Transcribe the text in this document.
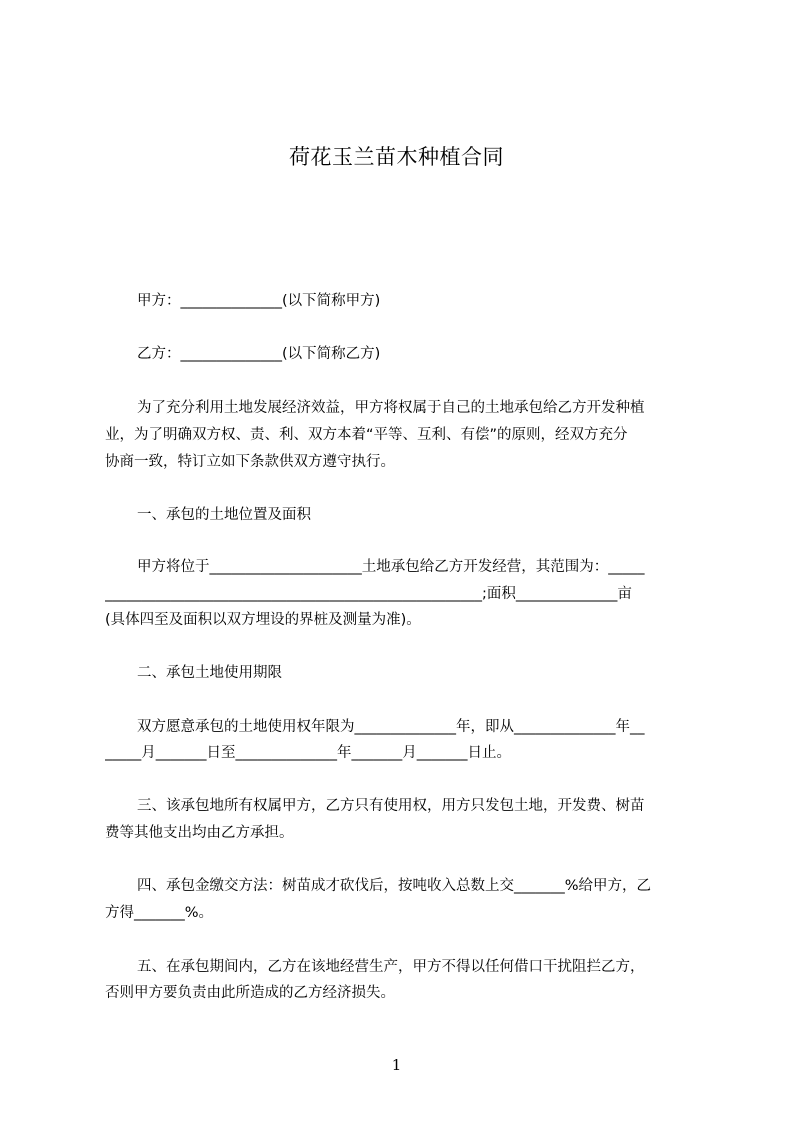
荷花玉兰苗木种植合同
甲方：______________(以下简称甲方)
乙方：______________(以下简称乙方)
为了充分利用土地发展经济效益，甲方将权属于自己的土地承包给乙方开发种植
业，为了明确双方权、责、利、双方本着“平等、互利、有偿”的原则，经双方充分
协商一致，特订立如下条款供双方遵守执行。
一、承包的土地位置及面积
甲方将位于_____________________土地承包给乙方开发经营，其范围为：_____
____________________________________________________;面积______________亩
(具体四至及面积以双方埋设的界桩及测量为准)。
二、承包土地使用期限
双方愿意承包的土地使用权年限为______________年，即从______________年__
_____月_______日至______________年_______月_______日止。
三、该承包地所有权属甲方，乙方只有使用权，用方只发包土地，开发费、树苗
费等其他支出均由乙方承担。
四、承包金缴交方法：树苗成才砍伐后，按吨收入总数上交_______%给甲方，乙
方得_______%。
五、在承包期间内，乙方在该地经营生产，甲方不得以任何借口干扰阻拦乙方，
否则甲方要负责由此所造成的乙方经济损失。
1
